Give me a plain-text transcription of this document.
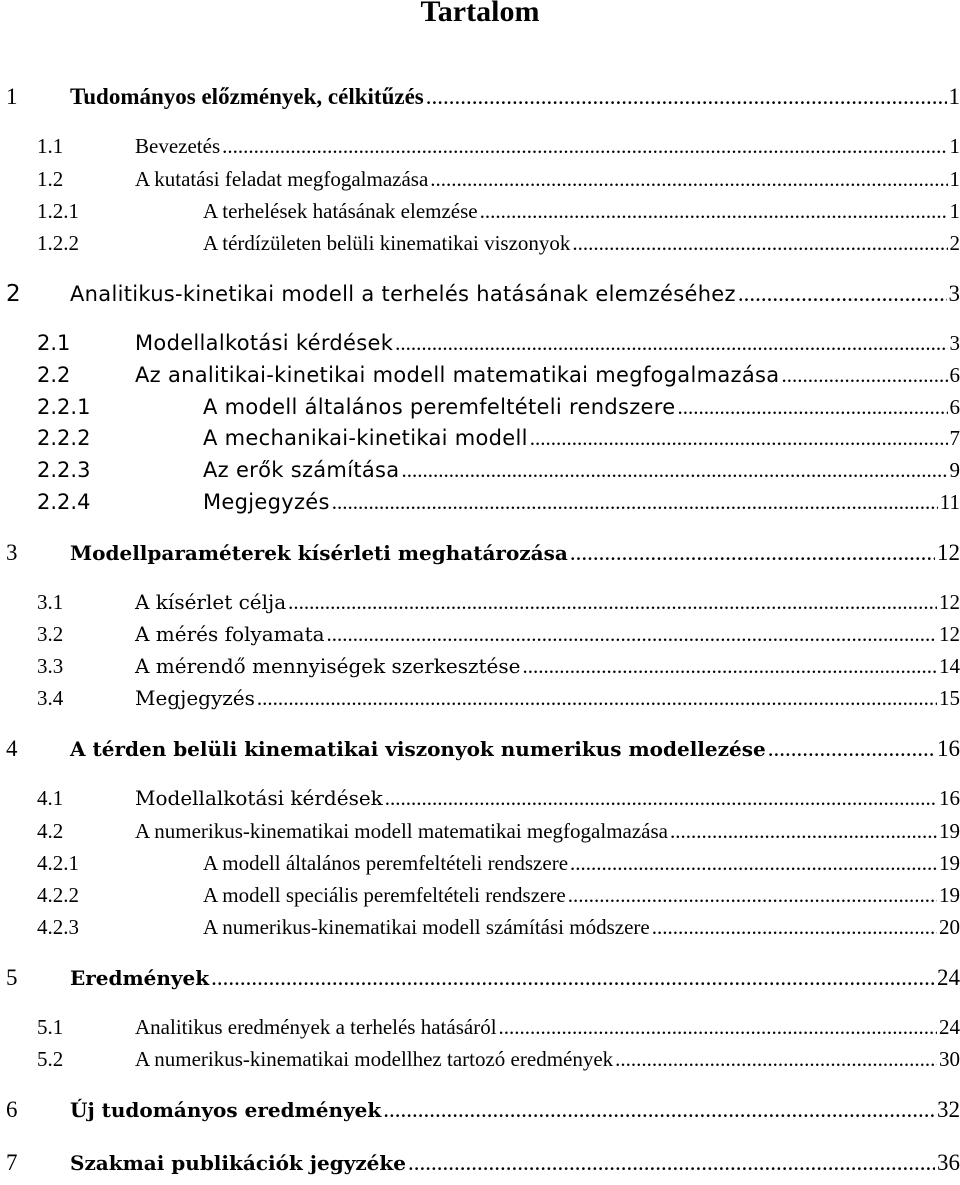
Tartalom
1 Tudományos előzmények, célkitűzés .....	1
1.1	Bevezetés .....	1
1.2	A kutatási feladat megfogalmazása .....	1
1.2.1	A terhelések hatásának elemzése .....	1
1.2.2	A térdízületen belüli kinematikai viszonyok .....	2
2 Analitikus-kinetikai modell a terhelés hatásának elemzéséhez .....	3
2.1	Modellalkotási kérdések .....	3
2.2	Az analitikai-kinetikai modell matematikai megfogalmazása .....	6
2.2.1	A modell általános peremfeltételi rendszere .....	6
2.2.2	A mechanikai-kinetikai modell .....	7
2.2.3	Az erők számítása .....	9
2.2.4	Megjegyzés .....	11
3	Modellparaméterek kísérleti meghatározása .....	12
3.1	A kísérlet célja .....	12
3.2	A mérés folyamata .....	12
3.3	A mérendő mennyiségek szerkesztése .....	14
3.4	Megjegyzés .....	15
4	A térden belüli kinematikai viszonyok numerikus modellezése .....	16
4.1	Modellalkotási kérdések .....	16
4.2	A numerikus-kinematikai modell matematikai megfogalmazása .....	19
4.2.1	A modell általános peremfeltételi rendszere .....	19
4.2.2	A modell speciális peremfeltételi rendszere .....	19
4.2.3	A numerikus-kinematikai modell számítási módszere .....	20
5	Eredmények .....	24
5.1	Analitikus eredmények a terhelés hatásáról .....	24
5.2	A numerikus-kinematikai modellhez tartozó eredmények .....	30
6	Új tudományos eredmények .....	32
7	Szakmai publikációk jegyzéke .....	36
